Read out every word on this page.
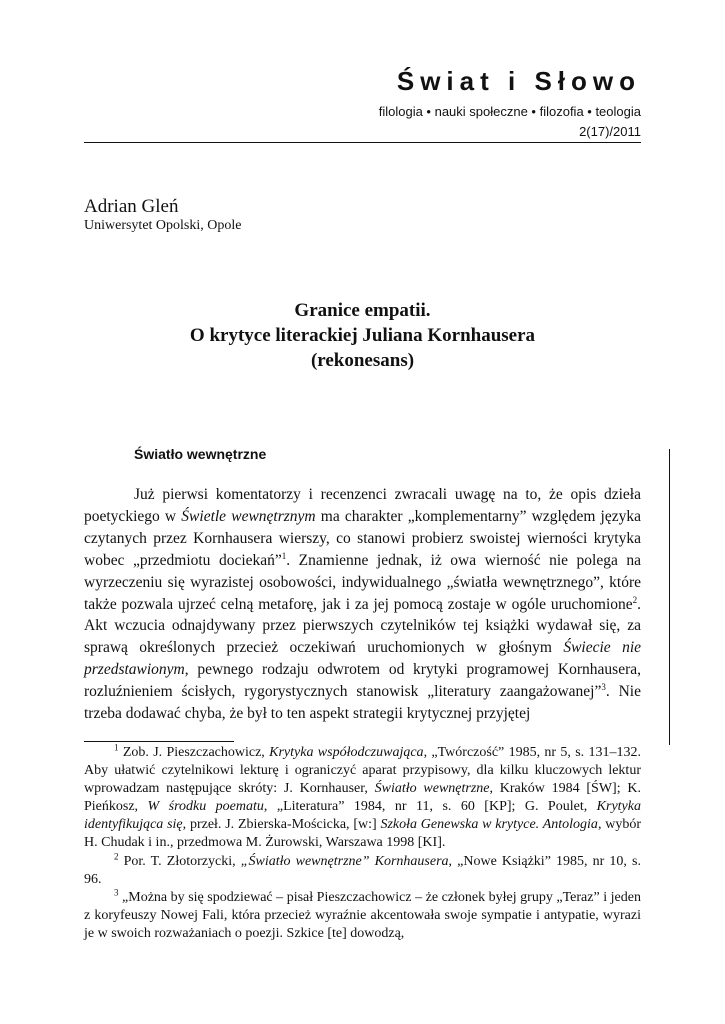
Świat i Słowo
filologia • nauki społeczne • filozofia • teologia
2(17)/2011
Adrian Gleń
Uniwersytet Opolski, Opole
Granice empatii.
O krytyce literackiej Juliana Kornhausera
(rekonesans)
Światło wewnętrzne

Już pierwsi komentatorzy i recenzenci zwracali uwagę na to, że opis dzieła poetyckiego w Świetle wewnętrznym ma charakter „komplementarny” względem języka czytanych przez Kornhausera wierszy, co stanowi probierz swoistej wierności krytyka wobec „przedmiotu dociekań”$^1$. Znamienne jednak, iż owa wierność nie polega na wyrzeczeniu się wyrazistej osobowości, indywidualnego „światła wewnętrznego”, które także pozwala ujrzeć celną metaforę, jak i za jej pomocą zostaje w ogóle uruchomione$^2$. Akt wczucia odnajdywany przez pierwszych czytelników tej książki wydawał się, za sprawą określonych przecież oczekiwań uruchomionych w głośnym Świecie nie przedstawionym, pewnego rodzaju odwrotem od krytyki programowej Kornhausera, rozluźnieniem ścisłych, rygorystycznych stanowisk „literatury zaangażowanej”$^3$. Nie trzeba dodawać chyba, że był to ten aspekt strategii krytycznej przyjętej

$^1$ Zob. J. Pieszczachowicz, Krytyka współodczuwająca, „Twórczość” 1985, nr 5, s. 131–132. Aby ułatwić czytelnikowi lekturę i ograniczyć aparat przypisowy, dla kilku kluczowych lektur wprowadzam następujące skróty: J. Kornhauser, Światło wewnętrzne, Kraków 1984 [ŚW]; K. Pieńkosz, W środku poematu, „Literatura” 1984, nr 11, s. 60 [KP]; G. Poulet, Krytyka identyfikująca się, przeł. J. Zbierska-Mościcka, [w:] Szkoła Genewska w krytyce. Antologia, wybór H. Chudak i in., przedmowa M. Żurowski, Warszawa 1998 [KI].

$^2$ Por. T. Złotorzycki, „Światło wewnętrzne” Kornhausera, „Nowe Książki” 1985, nr 10, s. 96.

$^3$ „Można by się spodziewać – pisał Pieszczachowicz – że członek byłej grupy „Teraz” i jeden z koryfeuszy Nowej Fali, która przecież wyraźnie akcentowała swoje sympatie i antypatie, wyrazi je w swoich rozważaniach o poezji. Szkice [te] dowodzą,
